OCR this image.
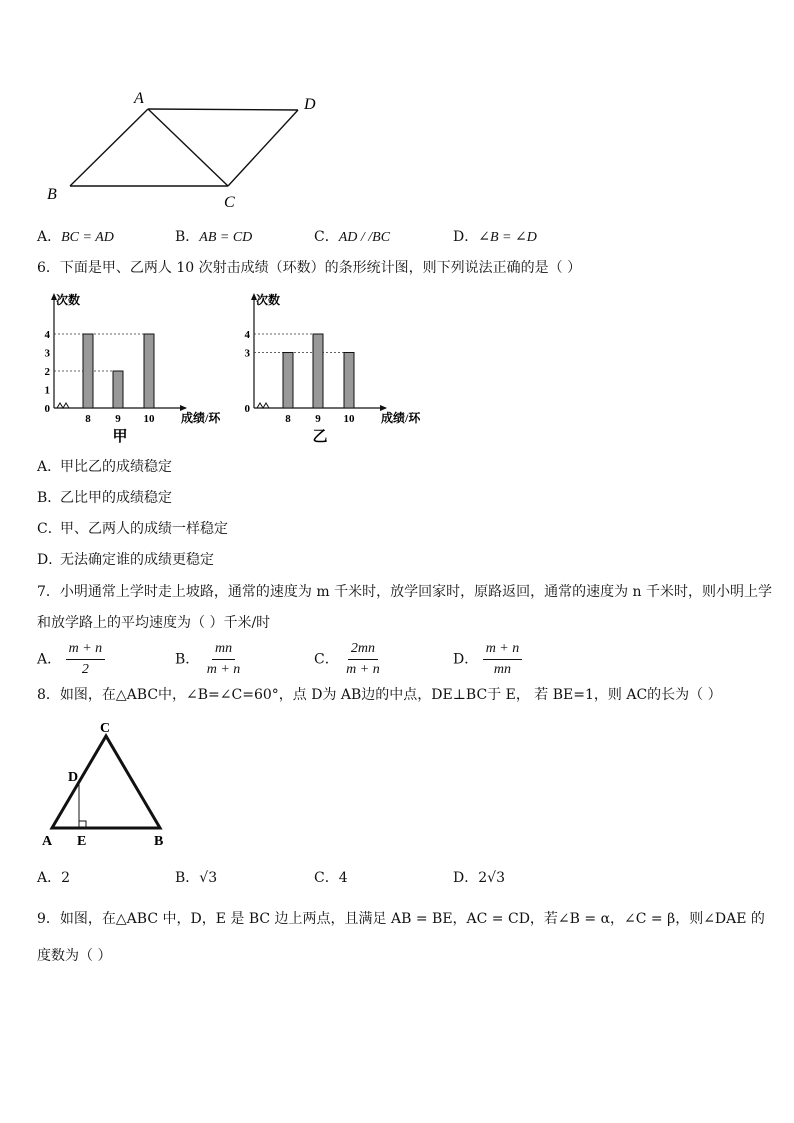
A
B	C
D
A．BC = AD	B．AB = CD	C．AD / /BC	D．∠B = ∠D
6．下面是甲、乙两人 10 次射击成绩（环数）的条形统计图，则下列说法正确的是（ ）
次数
0
1
2
3
4
8 9 10 成绩/环
甲
次数
0
3
4
8 9 10 成绩/环
乙
A．
甲比乙的成绩稳定
B．
乙比甲的成绩稳定
C．
甲、乙两人的成绩一样稳定
D．
无法确定谁的成绩更稳定
7．小明通常上学时走上坡路，通常的速度为 m 千米时，放学回家时，原路返回，通常的速度为 n 千米时，则小明上学
和放学路上的平均速度为（ ）千米/时
A． $\frac{m + n}{2}$	B． $\frac{mn}{m + n}$	C． $\frac{2mn}{m + n}$	D． $\frac{m + n}{mn}$
8．如图，在△ABC中，∠B=∠C=60°，点 D为 AB边的中点，DE⊥BC于 E， 若 BE=1，则 AC的长为（ ）
C
D
A E	B
A．2	B．√3	C．4	D．2√3
9．如图，在△ABC 中，D，E 是 BC 边上两点，且满足 AB = BE，AC = CD，若∠B = α，∠C = β，则∠DAE 的
度数为（ ）
